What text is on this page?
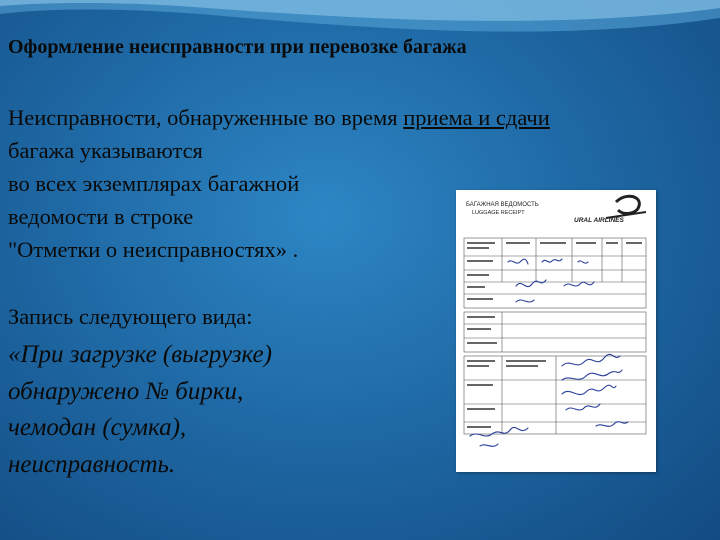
Оформление неисправности при перевозке багажа
Неисправности, обнаруженные во время приема и сдачи
багажа указываются
во всех экземплярах багажной
ведомости в строке
"Отметки о неисправностях» .
Запись следующего вида:
«При загрузке (выгрузке)
обнаружено № бирки,
чемодан (сумка),
неисправность.
БАГАЖНАЯ ВЕДОМОСТЬ
LUGGAGE RECEIPT
URAL AIRLINES
